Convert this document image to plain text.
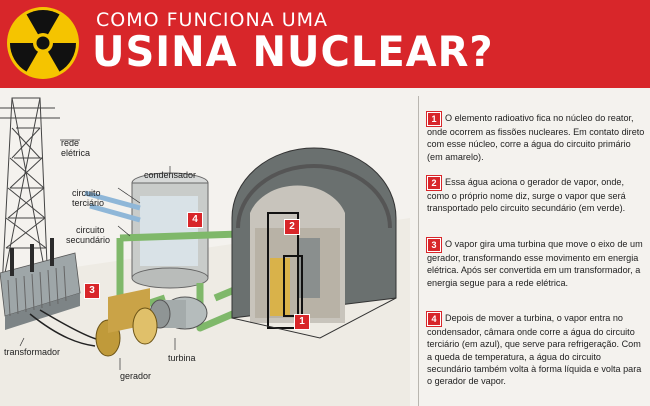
COMO FUNCIONA UMA
USINA NUCLEAR?
rede
elétrica
circuito
terciário
circuito
secundário
condensador
transformador
turbina
gerador
1
2
3
4
1 O elemento radioativo fica no núcleo do reator, onde ocorrem as fissões nucleares. Em contato direto com esse núcleo, corre a água do circuito primário (em amarelo).
2 Essa água aciona o gerador de vapor, onde, como o próprio nome diz, surge o vapor que será transportado pelo circuito secundário (em verde).
3 O vapor gira uma turbina que move o eixo de um gerador, transformando esse movimento em energia elétrica. Após ser convertida em um transformador, a energia segue para a rede elétrica.
4 Depois de mover a turbina, o vapor entra no condensador, câmara onde corre a água do circuito terciário (em azul), que serve para refrigeração. Com a queda de temperatura, a água do circuito secundário também volta à forma líquida e volta para o gerador de vapor.
